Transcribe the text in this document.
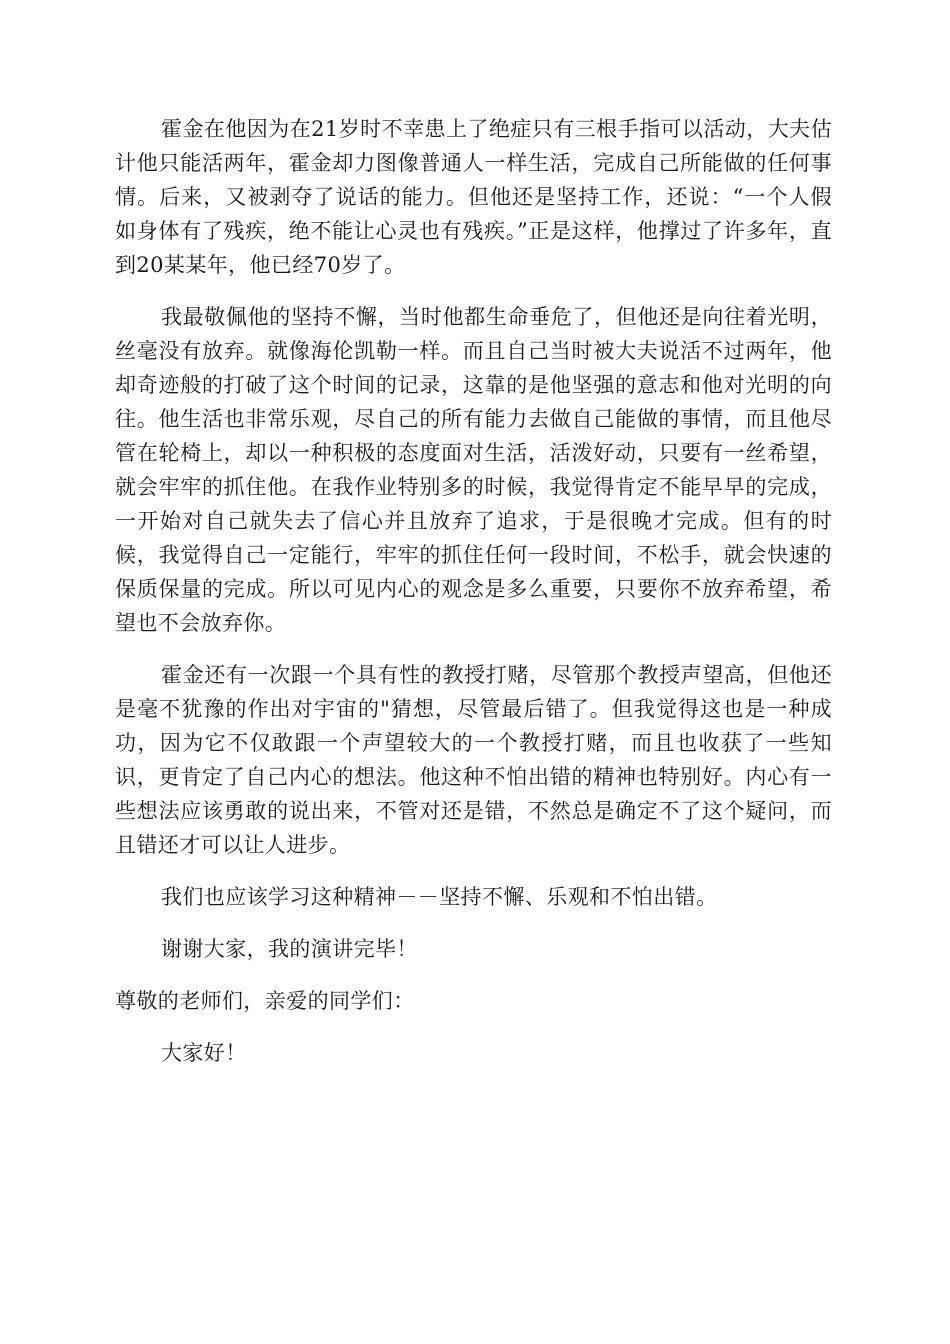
霍金在他因为在21岁时不幸患上了绝症只有三根手指可以活动，大夫估计他只能活两年，霍金却力图像普通人一样生活，完成自己所能做的任何事情。后来，又被剥夺了说话的能力。但他还是坚持工作，还说：“一个人假如身体有了残疾，绝不能让心灵也有残疾。”正是这样，他撑过了许多年，直到20某某年，他已经70岁了。

我最敬佩他的坚持不懈，当时他都生命垂危了，但他还是向往着光明，丝毫没有放弃。就像海伦凯勒一样。而且自己当时被大夫说活不过两年，他却奇迹般的打破了这个时间的记录，这靠的是他坚强的意志和他对光明的向往。他生活也非常乐观，尽自己的所有能力去做自己能做的事情，而且他尽管在轮椅上，却以一种积极的态度面对生活，活泼好动，只要有一丝希望，就会牢牢的抓住他。在我作业特别多的时候，我觉得肯定不能早早的完成，一开始对自己就失去了信心并且放弃了追求，于是很晚才完成。但有的时候，我觉得自己一定能行，牢牢的抓住任何一段时间，不松手，就会快速的保质保量的完成。所以可见内心的观念是多么重要，只要你不放弃希望，希望也不会放弃你。

霍金还有一次跟一个具有性的教授打赌，尽管那个教授声望高，但他还是毫不犹豫的作出对宇宙的"猜想，尽管最后错了。但我觉得这也是一种成功，因为它不仅敢跟一个声望较大的一个教授打赌，而且也收获了一些知识，更肯定了自己内心的想法。他这种不怕出错的精神也特别好。内心有一些想法应该勇敢的说出来，不管对还是错，不然总是确定不了这个疑问，而且错还才可以让人进步。

我们也应该学习这种精神－－坚持不懈、乐观和不怕出错。

谢谢大家，我的演讲完毕！

尊敬的老师们，亲爱的同学们：

大家好！
